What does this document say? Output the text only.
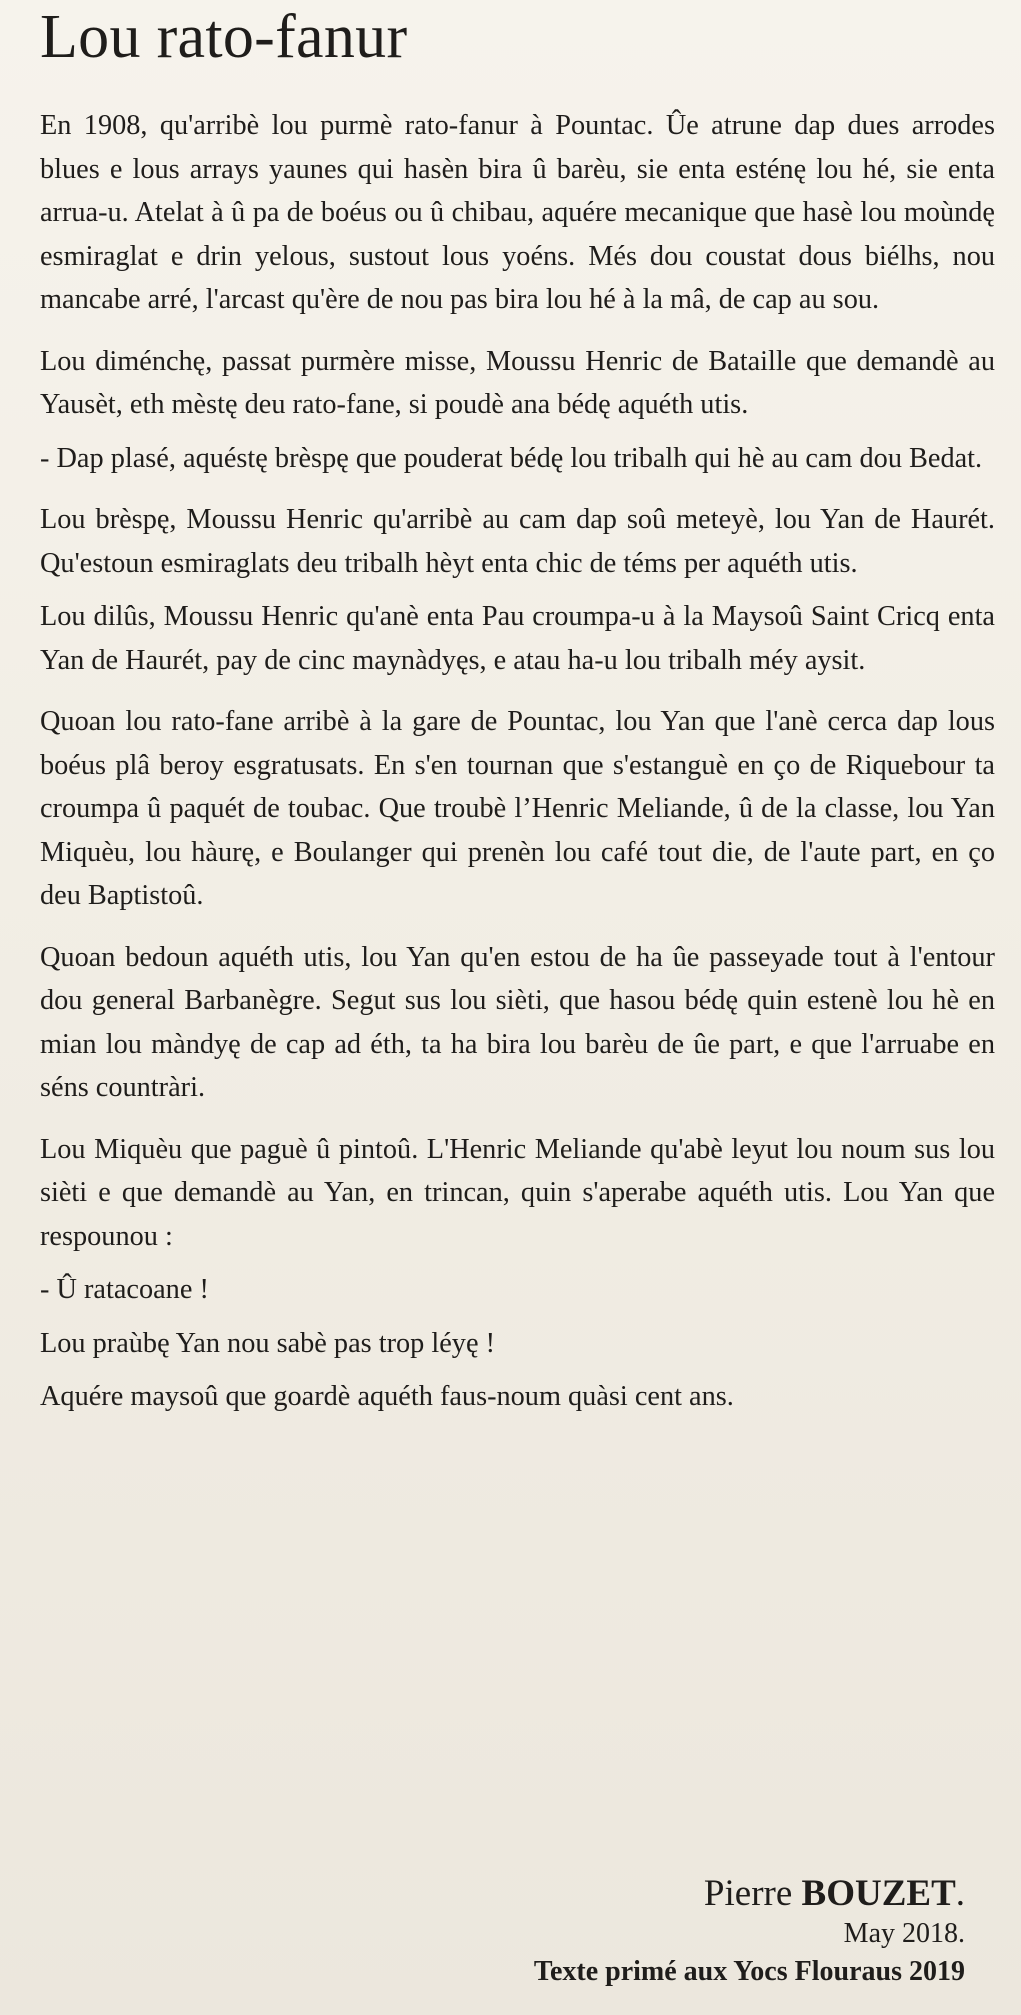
Lou rato-fanur

En 1908, qu'arribè lou purmè rato-fanur à Pountac. Ûe atrune dap dues arrodes blues e lous arrays yaunes qui hasèn bira û barèu, sie enta esténę lou hé, sie enta arrua-u. Atelat à û pa de boéus ou û chibau, aquére mecanique que hasè lou moùndę esmiraglat e drin yelous, sustout lous yoéns. Més dou coustat dous biélhs, nou mancabe arré, l'arcast qu'ère de nou pas bira lou hé à la mâ, de cap au sou.

Lou diménchę, passat purmère misse, Moussu Henric de Bataille que demandè au Yausèt, eth mèstę deu rato-fane, si poudè ana bédę aquéth utis.

- Dap plasé, aquéstę brèspę que pouderat bédę lou tribalh qui hè au cam dou Bedat.

Lou brèspę, Moussu Henric qu'arribè au cam dap soû meteyè, lou Yan de Haurét. Qu'estoun esmiraglats deu tribalh hèyt enta chic de téms per aquéth utis.

Lou dilûs, Moussu Henric qu'anè enta Pau croumpa-u à la Maysoû Saint Cricq enta Yan de Haurét, pay de cinc maynàdyęs, e atau ha-u lou tribalh méy aysit.

Quoan lou rato-fane arribè à la gare de Pountac, lou Yan que l'anè cerca dap lous boéus plâ beroy esgratusats. En s'en tournan que s'estanguè en ço de Riquebour ta croumpa û paquét de toubac. Que troubè l’Henric Meliande, û de la classe, lou Yan Miquèu, lou hàurę, e Boulanger qui prenèn lou café tout die, de l'aute part, en ço deu Baptistoû.

Quoan bedoun aquéth utis, lou Yan qu'en estou de ha ûe passeyade tout à l'entour dou general Barbanègre. Segut sus lou sièti, que hasou bédę quin estenè lou hè en mian lou màndyę de cap ad éth, ta ha bira lou barèu de ûe part, e que l'arruabe en séns countràri.

Lou Miquèu que paguè û pintoû. L'Henric Meliande qu'abè leyut lou noum sus lou sièti e que demandè au Yan, en trincan, quin s'aperabe aquéth utis. Lou Yan que respounou :

- Û ratacoane !

Lou praùbę Yan nou sabè pas trop léyę !

Aquére maysoû que goardè aquéth faus-noum quàsi cent ans.

Pierre BOUZET.
May 2018.
Texte primé aux Yocs Flouraus 2019
